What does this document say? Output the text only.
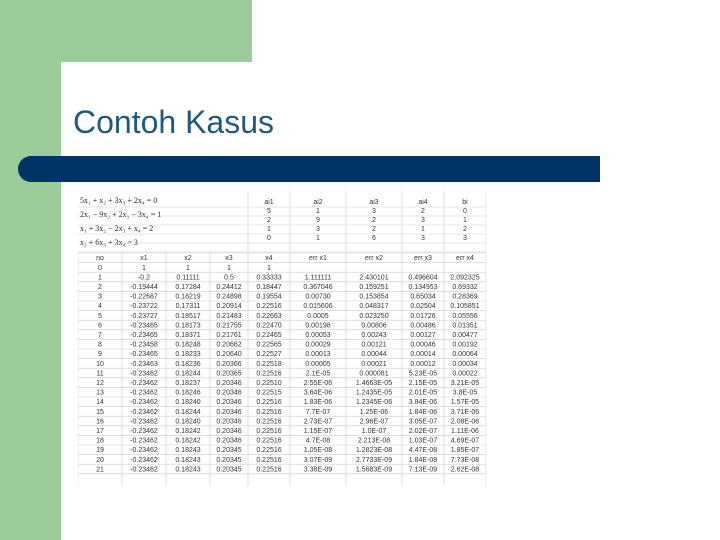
Contoh Kasus
5x₁ + x₂ + 3x₃ + 2x₄ = 0
2x₁ − 9x₂ + 2x₃ − 3x₄ = 1
x₁ + 3x₂ − 2x₃ + x₄ = 2
x₂ + 6x₃ + 3x₄ = 3
ai1	ai2	ai3	ai4	bi
5	1	3	2	0
2	9	2	3	1
1	3	2	1	2
0	1	6	3	3
no	x1	x2	x3	x4	err x1	err x2	err x3	err x4
0	1	1	1	1
1	-0.2	0.11111	0.5	0.33333	1.111111	2.430101	0.496604 2.092325
2	-0.19444	0.17284 0.24412 0.18447	0.367046	0.159251	0.134953 0.69332
3	-0.22687	0.18219 0.24898 0.19554	0.00730	0.153854	0.65034 0.28369
4	-0.23722	0.17311 0.20914 0.22516	0.015606	0.048317	0.02504 0.105851
5	-0.23727	0.18517 0.21483 0.22663	0.0005	0.023250	0.01726 0.05556
6	-0.23465	0.18173 0.21755 0.22470	0.00198	0.00806	0.00486 0.01351
7	-0.23465	0.18371 0.21761 0.22465	0.00053	0.00243	0.00127 0.00477
8	-0.23458	0.18248 0.20662 0.22565	0.00029	0.00121	0.00046 0.00192
9	-0.23465	0.18233 0.20640 0.22527	0.00013	0.00044	0.00014 0.00064
10	-0.23463	0.18236 0.20366 0.22518	0.00005	0.00021	0.00012 0.00034
11	-0.23462	0.18244 0.20365 0.22516	2.1E-05	0.000081	5.23E-05 0.00022
12	-0.23462	0.18237 0.20346 0.22510	2.55E-06	1.4663E-05 2.15E-05 3.21E-05
13	-0.23462	0.18246 0.20346 0.22515	3.64E-06	1.2435E-05 2.01E-05 3.8E-05
14	-0.23462	0.18240 0.20346 0.22516	1.83E-06	1.2345E-06 3.84E-06 1.57E-05
15	-0.23462	0.18244 0.20346 0.22516	7.7E-07	1.25E-06	1.84E-06 3.71E-06
16	-0.23462	0.18240 0.20346 0.22516	2.73E-07	2.96E-07	3.05E-07 2.08E-06
17	-0.23462	0.18242 0.20346 0.22516	1.15E-07	1.0E-07	2.02E-07 1.11E-06
18	-0.23462	0.18242 0.20346 0.22516	4.7E-08	2.213E-08	1.03E-07 4.69E-07
19	-0.23462	0.18243 0.20345 0.22516	1.05E-08	1.2823E-08 4.47E-08 1.85E-07
20	-0.23462	0.18243 0.20345 0.22516	3.07E-09	2.7733E-09 1.84E-08 7.73E-08
21	-0.23462	0.18243 0.20345 0.22516	3.38E-09	1.5683E-09 7.13E-09 2.62E-08
